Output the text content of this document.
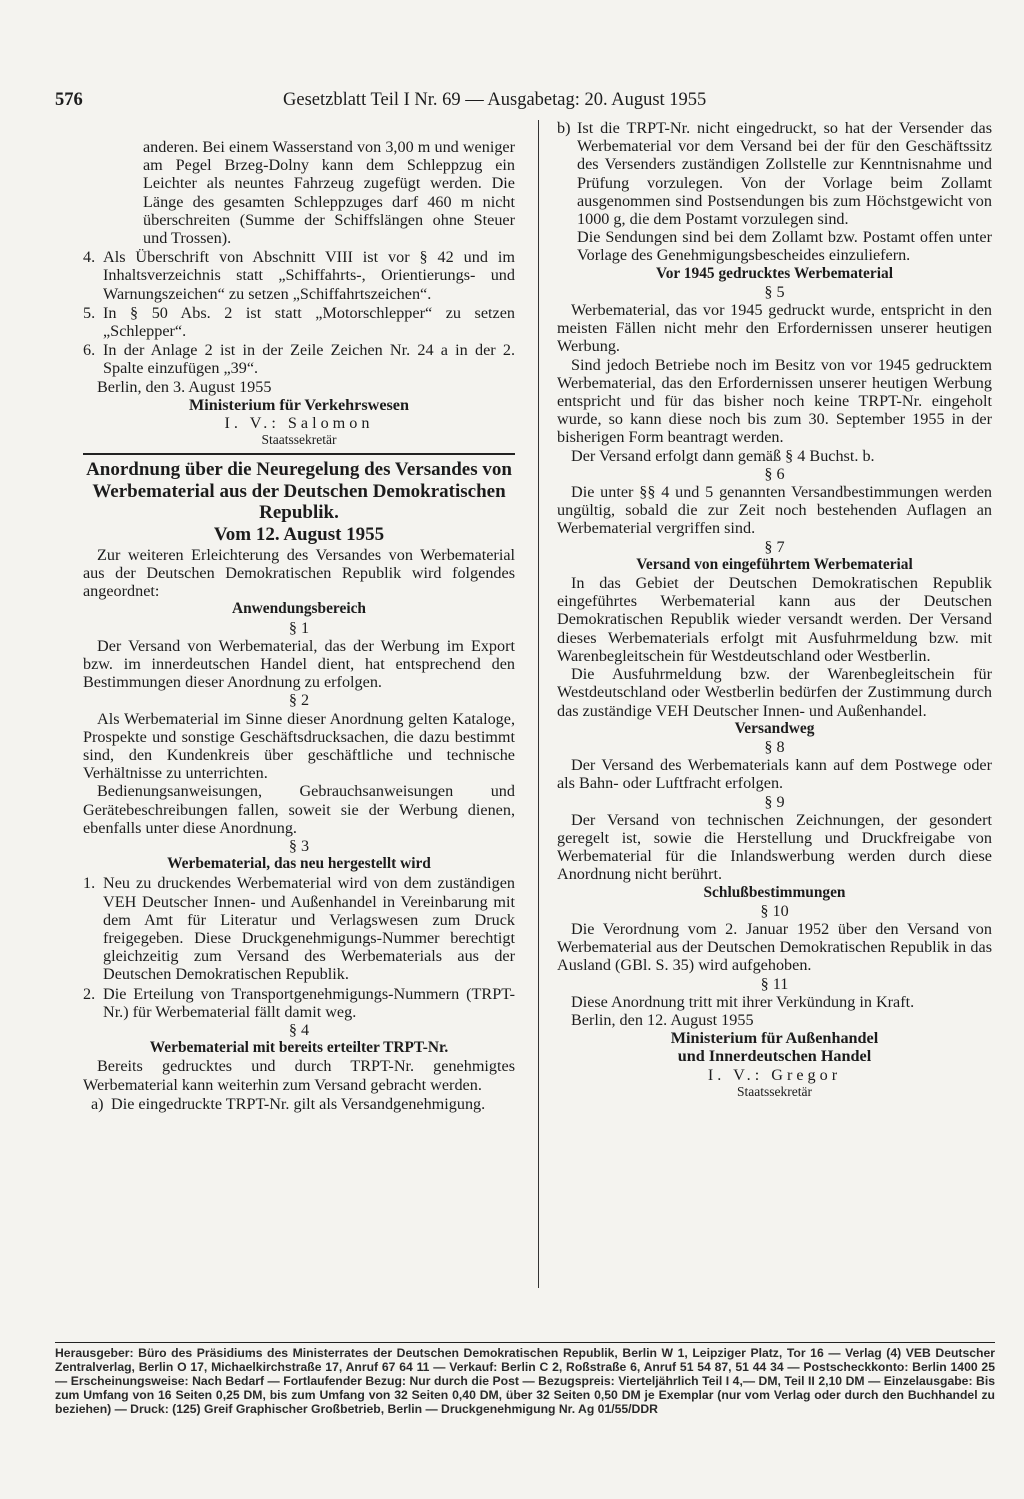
576	Gesetzblatt Teil I Nr. 69 — Ausgabetag: 20. August 1955

anderen. Bei einem Wasserstand von 3,00 m und weniger am Pegel Brzeg-Dolny kann dem Schleppzug ein Leichter als neuntes Fahrzeug zugefügt werden. Die Länge des gesamten Schleppzuges darf 460 m nicht überschreiten (Summe der Schiffslängen ohne Steuer und Trossen).

4. Als Überschrift von Abschnitt VIII ist vor § 42 und im Inhaltsverzeichnis statt „Schiffahrts-, Orientierungs- und Warnungszeichen“ zu setzen „Schiffahrtszeichen“.

5. In § 50 Abs. 2 ist statt „Motorschlepper“ zu setzen „Schlepper“.

6. In der Anlage 2 ist in der Zeile Zeichen Nr. 24 a in der 2. Spalte einzufügen „39“.

Berlin, den 3. August 1955

Ministerium für Verkehrswesen

I. V.: Salomon

Staatssekretär

Anordnung über die Neuregelung des Versandes von Werbematerial aus der Deutschen Demokratischen Republik.

Vom 12. August 1955

Zur weiteren Erleichterung des Versandes von Werbematerial aus der Deutschen Demokratischen Republik wird folgendes angeordnet:

Anwendungsbereich

§ 1

Der Versand von Werbematerial, das der Werbung im Export bzw. im innerdeutschen Handel dient, hat entsprechend den Bestimmungen dieser Anordnung zu erfolgen.

§ 2

Als Werbematerial im Sinne dieser Anordnung gelten Kataloge, Prospekte und sonstige Geschäftsdrucksachen, die dazu bestimmt sind, den Kundenkreis über geschäftliche und technische Verhältnisse zu unterrichten.

Bedienungsanweisungen, Gebrauchsanweisungen und Gerätebeschreibungen fallen, soweit sie der Werbung dienen, ebenfalls unter diese Anordnung.

§ 3

Werbematerial, das neu hergestellt wird

1. Neu zu druckendes Werbematerial wird von dem zuständigen VEH Deutscher Innen- und Außenhandel in Vereinbarung mit dem Amt für Literatur und Verlagswesen zum Druck freigegeben. Diese Druckgenehmigungs-Nummer berechtigt gleichzeitig zum Versand des Werbematerials aus der Deutschen Demokratischen Republik.

2. Die Erteilung von Transportgenehmigungs-Nummern (TRPT-Nr.) für Werbematerial fällt damit weg.

§ 4

Werbematerial mit bereits erteilter TRPT-Nr.

Bereits gedrucktes und durch TRPT-Nr. genehmigtes Werbematerial kann weiterhin zum Versand gebracht werden.

a) Die eingedruckte TRPT-Nr. gilt als Versandgenehmigung.

b) Ist die TRPT-Nr. nicht eingedruckt, so hat der Versender das Werbematerial vor dem Versand bei der für den Geschäftssitz des Versenders zuständigen Zollstelle zur Kenntnisnahme und Prüfung vorzulegen. Von der Vorlage beim Zollamt ausgenommen sind Postsendungen bis zum Höchstgewicht von 1000 g, die dem Postamt vorzulegen sind.

Die Sendungen sind bei dem Zollamt bzw. Postamt offen unter Vorlage des Genehmigungsbescheides einzuliefern.

Vor 1945 gedrucktes Werbematerial

§ 5

Werbematerial, das vor 1945 gedruckt wurde, entspricht in den meisten Fällen nicht mehr den Erfordernissen unserer heutigen Werbung.

Sind jedoch Betriebe noch im Besitz von vor 1945 gedrucktem Werbematerial, das den Erfordernissen unserer heutigen Werbung entspricht und für das bisher noch keine TRPT-Nr. eingeholt wurde, so kann diese noch bis zum 30. September 1955 in der bisherigen Form beantragt werden.

Der Versand erfolgt dann gemäß § 4 Buchst. b.

§ 6

Die unter §§ 4 und 5 genannten Versandbestimmungen werden ungültig, sobald die zur Zeit noch bestehenden Auflagen an Werbematerial vergriffen sind.

§ 7

Versand von eingeführtem Werbematerial

In das Gebiet der Deutschen Demokratischen Republik eingeführtes Werbematerial kann aus der Deutschen Demokratischen Republik wieder versandt werden. Der Versand dieses Werbematerials erfolgt mit Ausfuhrmeldung bzw. mit Warenbegleitschein für Westdeutschland oder Westberlin.

Die Ausfuhrmeldung bzw. der Warenbegleitschein für Westdeutschland oder Westberlin bedürfen der Zustimmung durch das zuständige VEH Deutscher Innen- und Außenhandel.

Versandweg

§ 8

Der Versand des Werbematerials kann auf dem Postwege oder als Bahn- oder Luftfracht erfolgen.

§ 9

Der Versand von technischen Zeichnungen, der gesondert geregelt ist, sowie die Herstellung und Druckfreigabe von Werbematerial für die Inlandswerbung werden durch diese Anordnung nicht berührt.

Schlußbestimmungen

§ 10

Die Verordnung vom 2. Januar 1952 über den Versand von Werbematerial aus der Deutschen Demokratischen Republik in das Ausland (GBl. S. 35) wird aufgehoben.

§ 11

Diese Anordnung tritt mit ihrer Verkündung in Kraft.

Berlin, den 12. August 1955

Ministerium für Außenhandel

und Innerdeutschen Handel

I. V.: Gregor

Staatssekretär

Herausgeber: Büro des Präsidiums des Ministerrates der Deutschen Demokratischen Republik, Berlin W 1, Leipziger Platz, Tor 16 — Verlag (4) VEB Deutscher Zentralverlag, Berlin O 17, Michaelkirchstraße 17, Anruf 67 64 11 — Verkauf: Berlin C 2, Roßstraße 6, Anruf 51 54 87, 51 44 34 — Postscheckkonto: Berlin 1400 25 — Erscheinungsweise: Nach Bedarf — Fortlaufender Bezug: Nur durch die Post — Bezugspreis: Vierteljährlich Teil I 4,— DM, Teil II 2,10 DM — Einzelausgabe: Bis zum Umfang von 16 Seiten 0,25 DM, bis zum Umfang von 32 Seiten 0,40 DM, über 32 Seiten 0,50 DM je Exemplar (nur vom Verlag oder durch den Buchhandel zu beziehen) — Druck: (125) Greif Graphischer Großbetrieb, Berlin — Druckgenehmigung Nr. Ag 01/55/DDR
